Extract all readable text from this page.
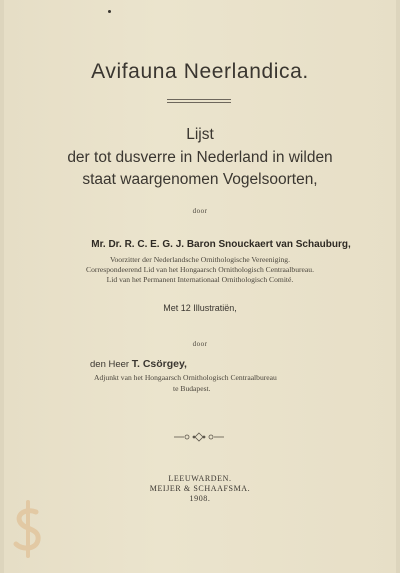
Avifauna Neerlandica.
Lijst
der tot dusverre in Nederland in wilden
staat waargenomen Vogelsoorten,
door
Mr. Dr. R. C. E. G. J. Baron Snouckaert van Schauburg,
Voorzitter der Nederlandsche Ornithologische Vereeniging.
Correspondeerend Lid van het Hongaarsch Ornithologisch Centraalbureau.
Lid van het Permanent Internationaal Ornithologisch Comité.
Met 12 Illustratiën,
door
den Heer T. Csörgey,
Adjunkt van het Hongaarsch Ornithologisch Centraalbureau
te Budapest.
LEEUWARDEN.
MEIJER & SCHAAFSMA.
1908.
